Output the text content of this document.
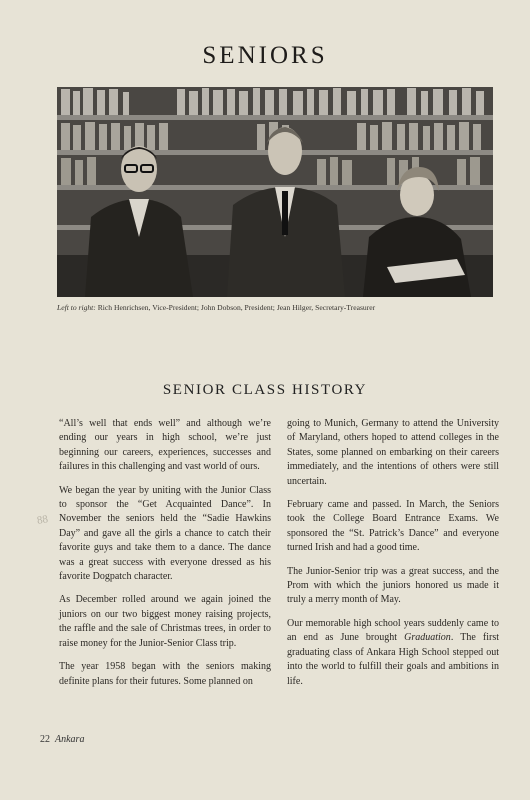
SENIORS
Left to right: Rich Henrichsen, Vice-President; John Dobson, President; Jean Hilger, Secretary-Treasurer
88
SENIOR CLASS HISTORY

“All’s well that ends well” and although we’re ending our years in high school, we’re just beginning our careers, experiences, successes and failures in this challenging and vast world of ours.

We began the year by uniting with the Junior Class to sponsor the “Get Acquainted Dance”. In November the seniors held the “Sadie Hawkins Day” and gave all the girls a chance to catch their favorite guys and take them to a dance. The dance was a great success with everyone dressed as his favorite Dogpatch character.

As December rolled around we again joined the juniors on our two biggest money raising projects, the raffle and the sale of Christmas trees, in order to raise money for the Junior-Senior Class trip.

The year 1958 began with the seniors making definite plans for their futures. Some planned on

going to Munich, Germany to attend the University of Maryland, others hoped to attend colleges in the States, some planned on embarking on their careers immediately, and the intentions of others were still uncertain.

February came and passed. In March, the Seniors took the College Board Entrance Exams. We sponsored the “St. Patrick’s Dance” and everyone turned Irish and had a good time.

The Junior-Senior trip was a great success, and the Prom with which the juniors honored us made it truly a merry month of May.

Our memorable high school years suddenly came to an end as June brought Graduation. The first graduating class of Ankara High School stepped out into the world to fulfill their goals and ambitions in life.

22 Ankara
